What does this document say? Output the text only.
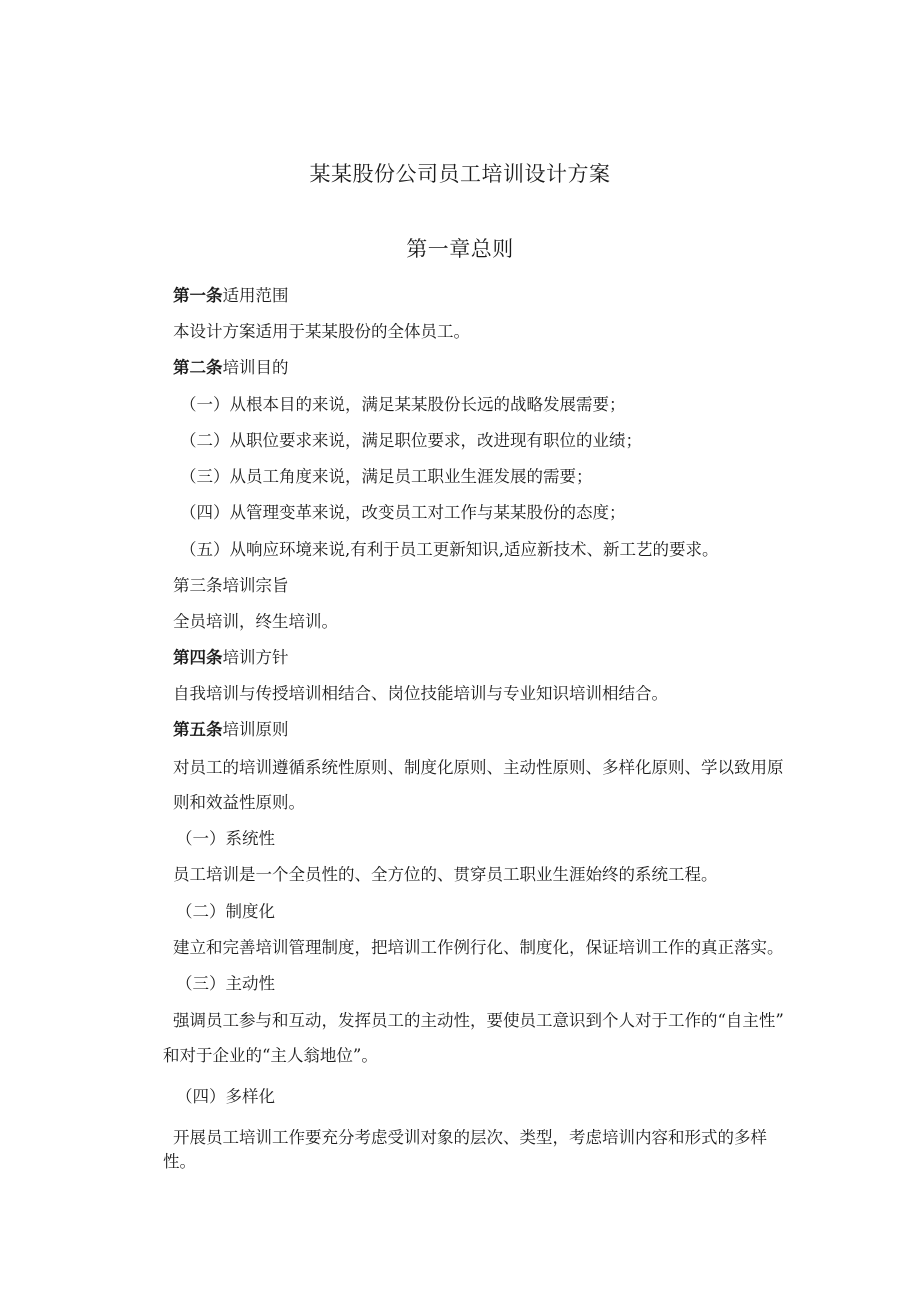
某某股份公司员工培训设计方案
第一章总则
第一条适用范围
本设计方案适用于某某股份的全体员工。
第二条培训目的
（一）从根本目的来说，满足某某股份长远的战略发展需要；
（二）从职位要求来说，满足职位要求，改进现有职位的业绩；
（三）从员工角度来说，满足员工职业生涯发展的需要；
（四）从管理变革来说，改变员工对工作与某某股份的态度；
（五）从响应环境来说,有利于员工更新知识,适应新技术、新工艺的要求。
第三条培训宗旨
全员培训，终生培训。
第四条培训方针
自我培训与传授培训相结合、岗位技能培训与专业知识培训相结合。
第五条培训原则
对员工的培训遵循系统性原则、制度化原则、主动性原则、多样化原则、学以致用原
则和效益性原则。
（一）系统性
员工培训是一个全员性的、全方位的、贯穿员工职业生涯始终的系统工程。
（二）制度化
建立和完善培训管理制度，把培训工作例行化、制度化，保证培训工作的真正落实。
（三）主动性
强调员工参与和互动，发挥员工的主动性，要使员工意识到个人对于工作的“自主性”
和对于企业的“主人翁地位”。
（四）多样化
开展员工培训工作要充分考虑受训对象的层次、类型，考虑培训内容和形式的多样
性。
